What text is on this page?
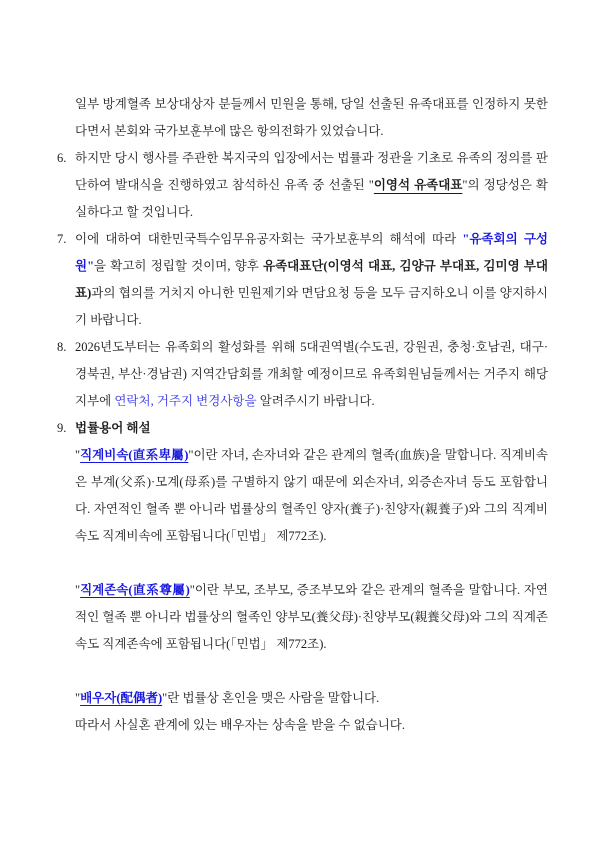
일부 방계혈족 보상대상자 분들께서 민원을 통해, 당일 선출된 유족대표를 인정하지 못한다면서 본회와 국가보훈부에 많은 항의전화가 있었습니다.
6. 하지만 당시 행사를 주관한 복지국의 입장에서는 법률과 정관을 기초로 유족의 정의를 판단하여 발대식을 진행하였고 참석하신 유족 중 선출된 "이영석 유족대표"의 정당성은 확실하다고 할 것입니다.
7. 이에 대하여 대한민국특수임무유공자회는 국가보훈부의 해석에 따라 "유족회의 구성원"을 확고히 정립할 것이며, 향후 유족대표단(이영석 대표, 김양규 부대표, 김미영 부대표)과의 협의를 거치지 아니한 민원제기와 면담요청 등을 모두 금지하오니 이를 양지하시기 바랍니다.
8. 2026년도부터는 유족회의 활성화를 위해 5대권역별(수도권, 강원권, 충청·호남권, 대구·경북권, 부산·경남권) 지역간담회를 개최할 예정이므로 유족회원님들께서는 거주지 해당 지부에 연락처, 거주지 변경사항을 알려주시기 바랍니다.
9. 법률용어 해설
"직계비속(直系卑屬)"이란 자녀, 손자녀와 같은 관계의 혈족(血族)을 말합니다. 직계비속은 부계(父系)·모계(母系)를 구별하지 않기 때문에 외손자녀, 외증손자녀 등도 포함합니다. 자연적인 혈족 뿐 아니라 법률상의 혈족인 양자(養子)·친양자(親養子)와 그의 직계비속도 직계비속에 포함됩니다(「민법」 제772조).
"직계존속(直系尊屬)"이란 부모, 조부모, 증조부모와 같은 관계의 혈족을 말합니다. 자연적인 혈족 뿐 아니라 법률상의 혈족인 양부모(養父母)·친양부모(親養父母)와 그의 직계존속도 직계존속에 포함됩니다(「민법」 제772조).
"배우자(配偶者)"란 법률상 혼인을 맺은 사람을 말합니다.
따라서 사실혼 관계에 있는 배우자는 상속을 받을 수 없습니다.
